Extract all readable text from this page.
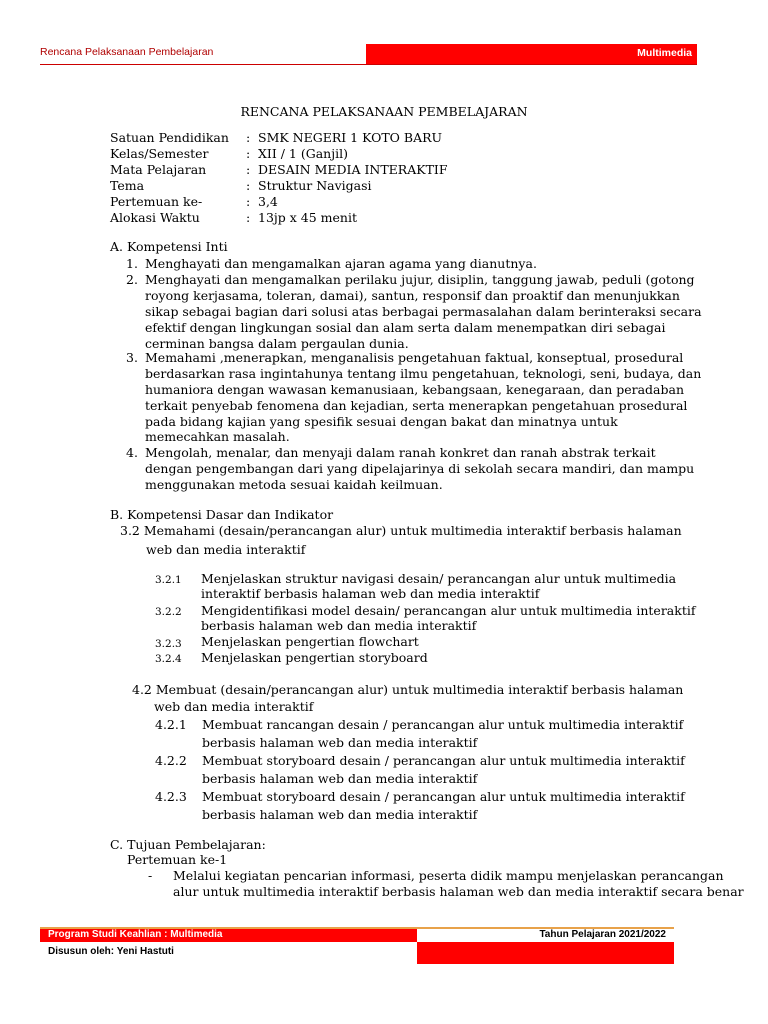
Rencana Pelaksanaan Pembelajaran	Multimedia
RENCANA PELAKSANAAN PEMBELAJARAN
Satuan Pendidikan : SMK NEGERI 1 KOTO BARU
Kelas/Semester	: XII / 1 (Ganjil)
Mata Pelajaran	: DESAIN MEDIA INTERAKTIF
Tema	: Struktur Navigasi
Pertemuan ke-	: 3,4
Alokasi Waktu	: 13jp x 45 menit
A. Kompetensi Inti
1. Menghayati dan mengamalkan ajaran agama yang dianutnya.
2. Menghayati dan mengamalkan perilaku jujur, disiplin, tanggung jawab, peduli (gotong
royong kerjasama, toleran, damai), santun, responsif dan proaktif dan menunjukkan
sikap sebagai bagian dari solusi atas berbagai permasalahan dalam berinteraksi secara
efektif dengan lingkungan sosial dan alam serta dalam menempatkan diri sebagai
cerminan bangsa dalam pergaulan dunia.
3. Memahami ,menerapkan, menganalisis pengetahuan faktual, konseptual, prosedural
berdasarkan rasa ingintahunya tentang ilmu pengetahuan, teknologi, seni, budaya, dan
humaniora dengan wawasan kemanusiaan, kebangsaan, kenegaraan, dan peradaban
terkait penyebab fenomena dan kejadian, serta menerapkan pengetahuan prosedural
pada bidang kajian yang spesifik sesuai dengan bakat dan minatnya untuk
memecahkan masalah.
4. Mengolah, menalar, dan menyaji dalam ranah konkret dan ranah abstrak terkait
dengan pengembangan dari yang dipelajarinya di sekolah secara mandiri, dan mampu
menggunakan metoda sesuai kaidah keilmuan.
B. Kompetensi Dasar dan Indikator
3.2 Memahami (desain/perancangan alur) untuk multimedia interaktif berbasis halaman
web dan media interaktif
3.2.1 Menjelaskan struktur navigasi desain/ perancangan alur untuk multimedia
interaktif berbasis halaman web dan media interaktif
3.2.2 Mengidentifikasi model desain/ perancangan alur untuk multimedia interaktif
berbasis halaman web dan media interaktif
3.2.3 Menjelaskan pengertian flowchart
3.2.4 Menjelaskan pengertian storyboard
4.2 Membuat (desain/perancangan alur) untuk multimedia interaktif berbasis halaman
web dan media interaktif
4.2.1 Membuat rancangan desain / perancangan alur untuk multimedia interaktif
berbasis halaman web dan media interaktif
4.2.2 Membuat storyboard desain / perancangan alur untuk multimedia interaktif
berbasis halaman web dan media interaktif
4.2.3 Membuat storyboard desain / perancangan alur untuk multimedia interaktif
berbasis halaman web dan media interaktif
C. Tujuan Pembelajaran:
Pertemuan ke-1
- Melalui kegiatan pencarian informasi, peserta didik mampu menjelaskan perancangan
alur untuk multimedia interaktif berbasis halaman web dan media interaktif secara benar
Program Studi Keahlian : Multimedia	Tahun Pelajaran 2021/2022
Disusun oleh: Yeni Hastuti
